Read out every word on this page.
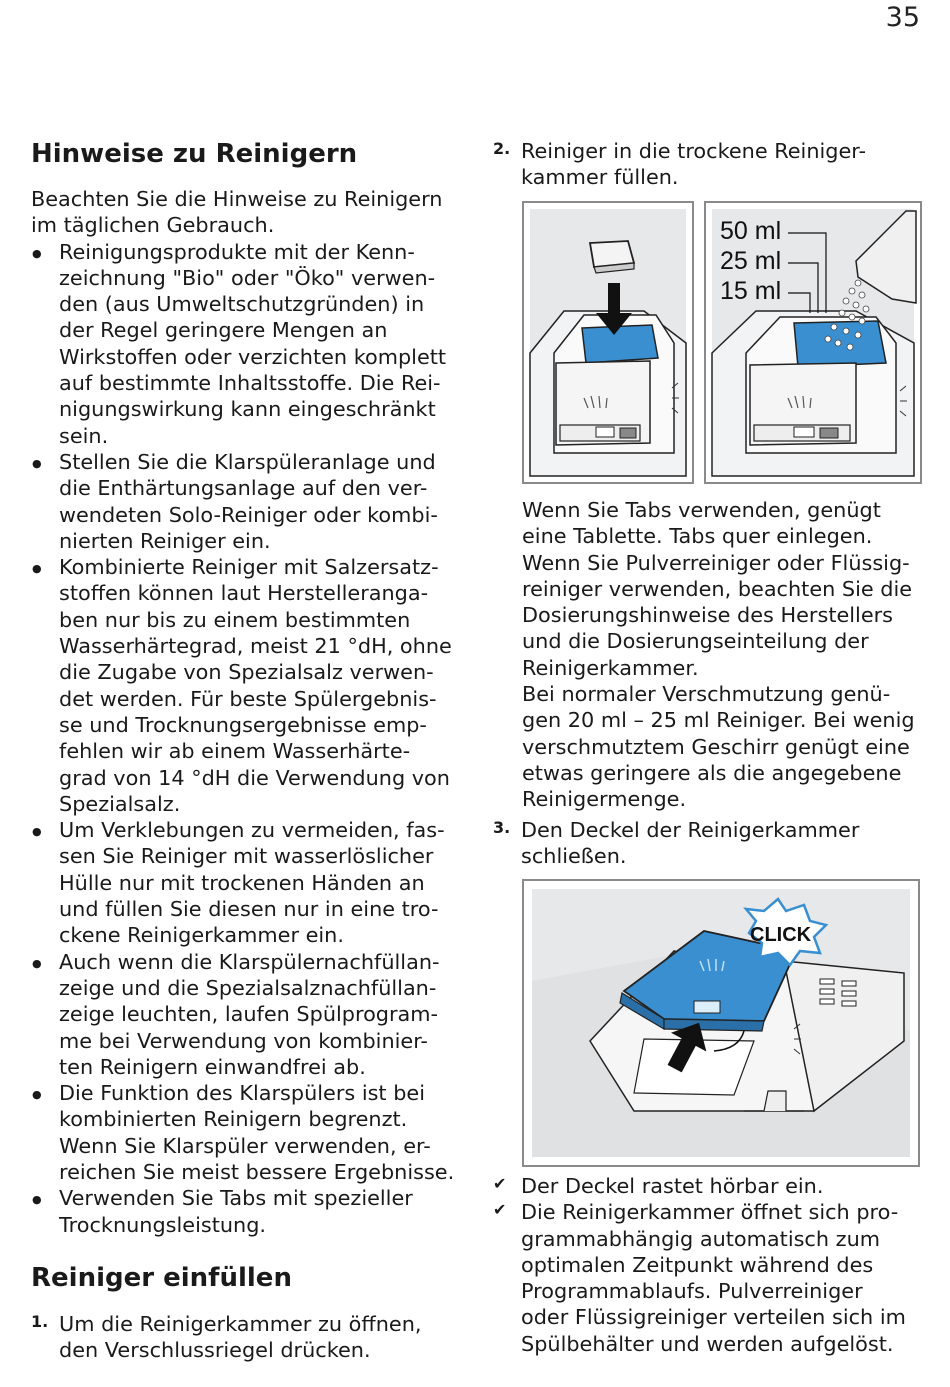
35
Hinweise zu Reinigern
Beachten Sie die Hinweise zu Reinigern
im täglichen Gebrauch.
● Reinigungsprodukte mit der Kenn-
zeichnung "Bio" oder "Öko" verwen-
den (aus Umweltschutzgründen) in
der Regel geringere Mengen an
Wirkstoffen oder verzichten komplett
auf bestimmte Inhaltsstoffe. Die Rei-
nigungswirkung kann eingeschränkt
sein.
● Stellen Sie die Klarspüleranlage und
die Enthärtungsanlage auf den ver-
wendeten Solo-Reiniger oder kombi-
nierten Reiniger ein.
● Kombinierte Reiniger mit Salzersatz-
stoffen können laut Herstelleranga-
ben nur bis zu einem bestimmten
Wasserhärtegrad, meist 21 °dH, ohne
die Zugabe von Spezialsalz verwen-
det werden. Für beste Spülergebnis-
se und Trocknungsergebnisse emp-
fehlen wir ab einem Wasserhärte-
grad von 14 °dH die Verwendung von
Spezialsalz.
● Um Verklebungen zu vermeiden, fas-
sen Sie Reiniger mit wasserlöslicher
Hülle nur mit trockenen Händen an
und füllen Sie diesen nur in eine tro-
ckene Reinigerkammer ein.
● Auch wenn die Klarspülernachfüllan-
zeige und die Spezialsalznachfüllan-
zeige leuchten, laufen Spülprogram-
me bei Verwendung von kombinier-
ten Reinigern einwandfrei ab.
● Die Funktion des Klarspülers ist bei
kombinierten Reinigern begrenzt.
Wenn Sie Klarspüler verwenden, er-
reichen Sie meist bessere Ergebnisse.
● Verwenden Sie Tabs mit spezieller
Trocknungsleistung.
Reiniger einfüllen
1. Um die Reinigerkammer zu öffnen,
den Verschlussriegel drücken.
2. Reiniger in die trockene Reiniger-
kammer füllen.
50 ml
25 ml
15 ml
Wenn Sie Tabs verwenden, genügt
eine Tablette. Tabs quer einlegen.
Wenn Sie Pulverreiniger oder Flüssig-
reiniger verwenden, beachten Sie die
Dosierungshinweise des Herstellers
und die Dosierungseinteilung der
Reinigerkammer.
Bei normaler Verschmutzung genü-
gen 20 ml – 25 ml Reiniger. Bei wenig
verschmutztem Geschirr genügt eine
etwas geringere als die angegebene
Reinigermenge.
3. Den Deckel der Reinigerkammer
schließen.
CLICK
✔ Der Deckel rastet hörbar ein.
✔ Die Reinigerkammer öffnet sich pro-
grammabhängig automatisch zum
optimalen Zeitpunkt während des
Programmablaufs. Pulverreiniger
oder Flüssigreiniger verteilen sich im
Spülbehälter und werden aufgelöst.
